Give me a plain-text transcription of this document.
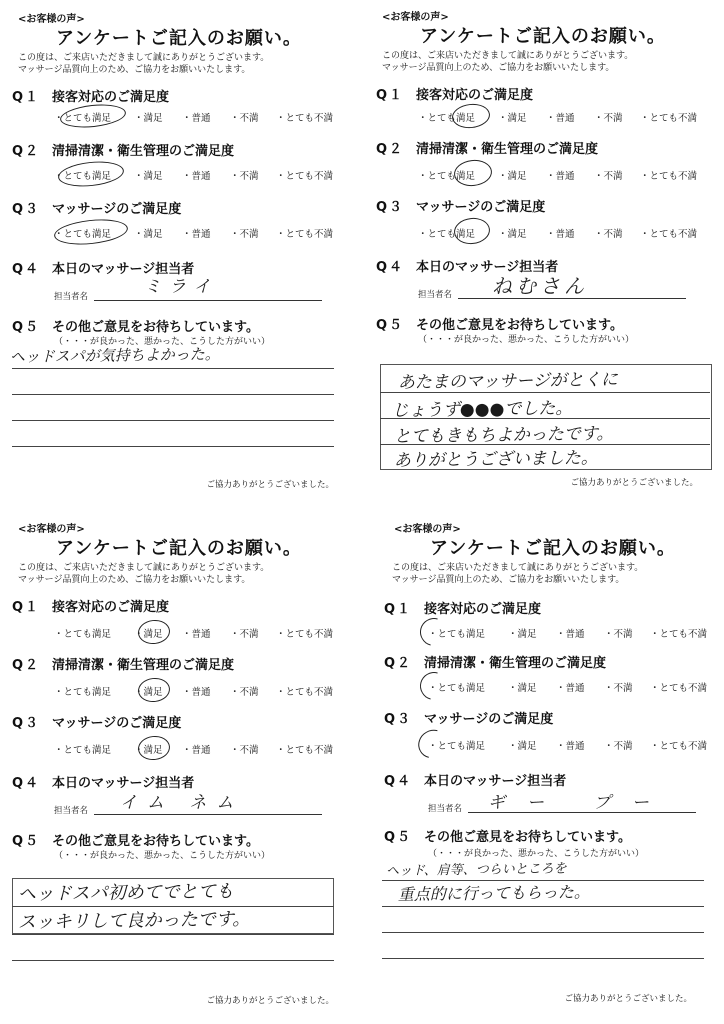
<お客様の声>
アンケートご記入のお願い。
この度は、ご来店いただきまして誠にありがとうございます。
マッサージ品質向上のため、ご協力をお願いいたします。
Q１ 接客対応のご満足度
・とても満足 ・満足 ・普通 ・不満 ・とても不満
Q２ 清掃清潔・衛生管理のご満足度
・とても満足 ・満足 ・普通 ・不満 ・とても不満
Q３ マッサージのご満足度
・とても満足 ・満足 ・普通 ・不満 ・とても不満
Q４ 本日のマッサージ担当者
担当者名	ミライ
Q５ その他ご意見をお待ちしています。
（・・・が良かった、悪かった、こうした方がいい）
ヘッドスパが気持ちよかった。
ご協力ありがとうございました。
<お客様の声>
アンケートご記入のお願い。
この度は、ご来店いただきまして誠にありがとうございます。
マッサージ品質向上のため、ご協力をお願いいたします。
Q１ 接客対応のご満足度
・とても満足 ・満足 ・普通 ・不満 ・とても不満
Q２ 清掃清潔・衛生管理のご満足度
・とても満足 ・満足 ・普通 ・不満 ・とても不満
Q３ マッサージのご満足度
・とても満足 ・満足 ・普通 ・不満 ・とても不満
Q４ 本日のマッサージ担当者
担当者名 ねむさん
Q５ その他ご意見をお待ちしています。
（・・・が良かった、悪かった、こうした方がいい）
あたまのマッサージがとくに
じょうず●●●でした。
とてもきもちよかったです。
ありがとうございました。
ご協力ありがとうございました。
<お客様の声>
アンケートご記入のお願い。
この度は、ご来店いただきまして誠にありがとうございます。
マッサージ品質向上のため、ご協力をお願いいたします。
Q１ 接客対応のご満足度
・とても満足 ・満足 ・普通 ・不満 ・とても不満
Q２ 清掃清潔・衛生管理のご満足度
・とても満足 ・満足 ・普通 ・不満 ・とても不満
Q３ マッサージのご満足度
・とても満足 ・満足 ・普通 ・不満 ・とても不満
Q４ 本日のマッサージ担当者
担当者名 イム ネム
Q５ その他ご意見をお待ちしています。
（・・・が良かった、悪かった、こうした方がいい）
ヘッドスパ初めてでとても
スッキリして良かったです。
ご協力ありがとうございました。
<お客様の声>
アンケートご記入のお願い。
この度は、ご来店いただきまして誠にありがとうございます。
マッサージ品質向上のため、ご協力をお願いいたします。
Q１ 接客対応のご満足度
・とても満足 ・満足 ・普通 ・不満 ・とても不満
Q２ 清掃清潔・衛生管理のご満足度
・とても満足 ・満足 ・普通 ・不満 ・とても不満
Q３ マッサージのご満足度
・とても満足 ・満足 ・普通 ・不満 ・とても不満
Q４ 本日のマッサージ担当者
担当者名 ギー プー
Q５ その他ご意見をお待ちしています。
（・・・が良かった、悪かった、こうした方がいい）
ヘッド、肩等、つらいところを
重点的に行ってもらった。
ご協力ありがとうございました。
